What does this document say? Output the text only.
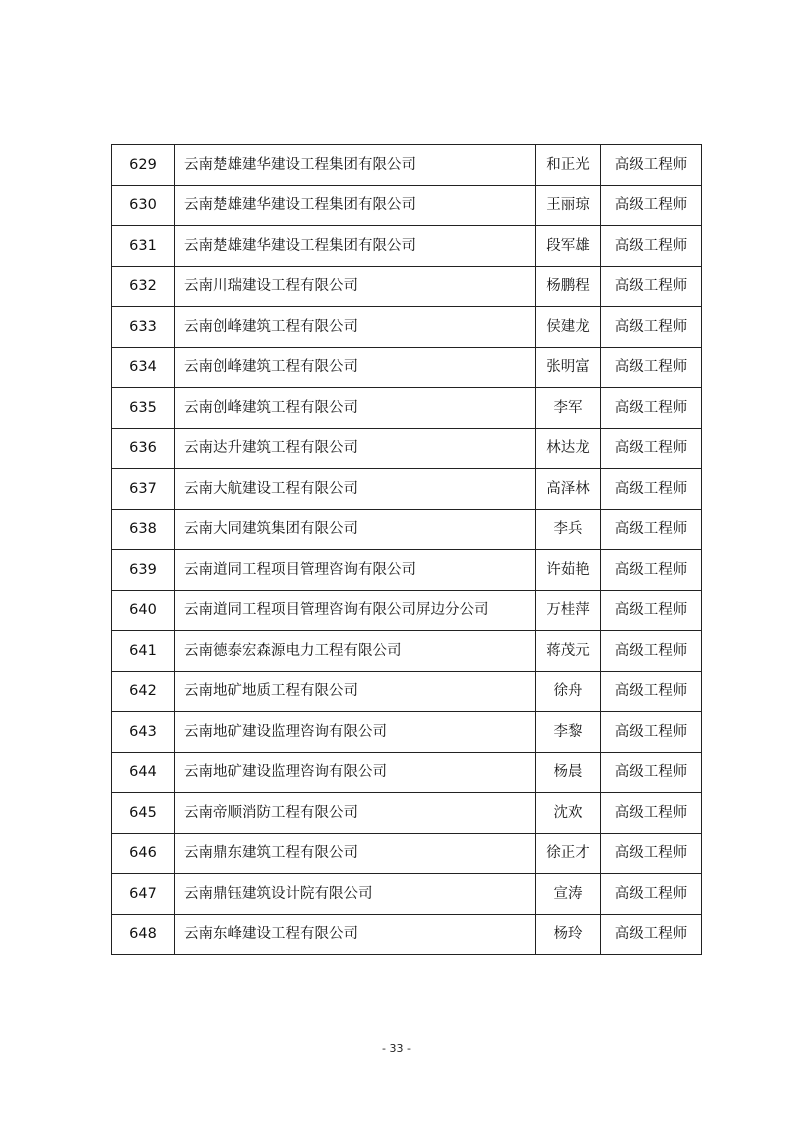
629	云南楚雄建华建设工程集团有限公司	和正光	高级工程师
630	云南楚雄建华建设工程集团有限公司	王丽琼	高级工程师
631	云南楚雄建华建设工程集团有限公司	段军雄	高级工程师
632	云南川瑞建设工程有限公司	杨鹏程	高级工程师
633	云南创峰建筑工程有限公司	侯建龙	高级工程师
634	云南创峰建筑工程有限公司	张明富	高级工程师
635	云南创峰建筑工程有限公司	李军	高级工程师
636	云南达升建筑工程有限公司	林达龙	高级工程师
637	云南大航建设工程有限公司	高泽林	高级工程师
638	云南大同建筑集团有限公司	李兵	高级工程师
639	云南道同工程项目管理咨询有限公司	许茹艳	高级工程师
640	云南道同工程项目管理咨询有限公司屏边分公司	万桂萍	高级工程师
641	云南德泰宏森源电力工程有限公司	蒋茂元	高级工程师
642	云南地矿地质工程有限公司	徐舟	高级工程师
643	云南地矿建设监理咨询有限公司	李黎	高级工程师
644	云南地矿建设监理咨询有限公司	杨晨	高级工程师
645	云南帝顺消防工程有限公司	沈欢	高级工程师
646	云南鼎东建筑工程有限公司	徐正才	高级工程师
647	云南鼎钰建筑设计院有限公司	宣涛	高级工程师
648	云南东峰建设工程有限公司	杨玲	高级工程师
- 33 -
